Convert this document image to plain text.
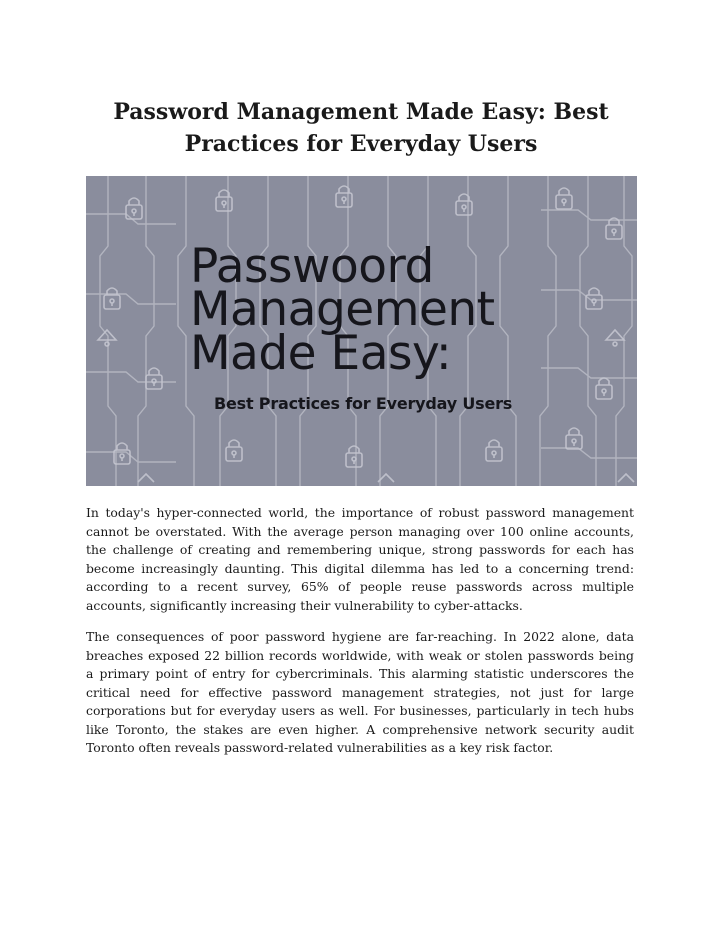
Password Management Made Easy: Best
Practices for Everyday Users
Passwoord
Management
Made Easy:
Best Practices for Everyday Users

In today's hyper-connected world, the importance of robust password management cannot be overstated. With the average person managing over 100 online accounts, the challenge of creating and remembering unique, strong passwords for each has become increasingly daunting. This digital dilemma has led to a concerning trend: according to a recent survey, 65% of people reuse passwords across multiple accounts, significantly increasing their vulnerability to cyber-attacks.

The consequences of poor password hygiene are far-reaching. In 2022 alone, data breaches exposed 22 billion records worldwide, with weak or stolen passwords being a primary point of entry for cybercriminals. This alarming statistic underscores the critical need for effective password management strategies, not just for large corporations but for everyday users as well. For businesses, particularly in tech hubs like Toronto, the stakes are even higher. A comprehensive network security audit Toronto often reveals password-related vulnerabilities as a key risk factor.
